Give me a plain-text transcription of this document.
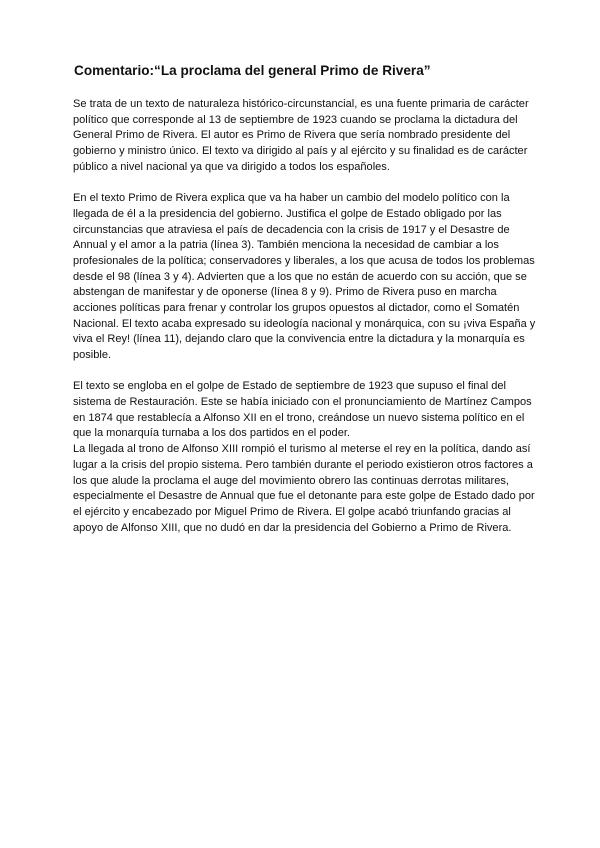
Comentario:“La proclama del general Primo de Rivera”

Se trata de un texto de naturaleza histórico-circunstancial, es una fuente primaria de carácter
político que corresponde al 13 de septiembre de 1923 cuando se proclama la dictadura del
General Primo de Rivera. El autor es Primo de Rivera que sería nombrado presidente del
gobierno y ministro único. El texto va dirigido al país y al ejército y su finalidad es de carácter
público a nivel nacional ya que va dirigido a todos los españoles.

En el texto Primo de Rivera explica que va ha haber un cambio del modelo político con la
llegada de él a la presidencia del gobierno. Justifica el golpe de Estado obligado por las
circunstancias que atraviesa el país de decadencia con la crisis de 1917 y el Desastre de
Annual y el amor a la patria (línea 3). También menciona la necesidad de cambiar a los
profesionales de la política; conservadores y liberales, a los que acusa de todos los problemas
desde el 98 (línea 3 y 4). Advierten que a los que no están de acuerdo con su acción, que se
abstengan de manifestar y de oponerse (línea 8 y 9). Primo de Rivera puso en marcha
acciones políticas para frenar y controlar los grupos opuestos al dictador, como el Somatén
Nacional. El texto acaba expresado su ideología nacional y monárquica, con su ¡viva España y
viva el Rey! (línea 11), dejando claro que la convivencia entre la dictadura y la monarquía es
posible.

El texto se engloba en el golpe de Estado de septiembre de 1923 que supuso el final del
sistema de Restauración. Este se había iniciado con el pronunciamiento de Martínez Campos
en 1874 que restablecía a Alfonso XII en el trono, creándose un nuevo sistema político en el
que la monarquía turnaba a los dos partidos en el poder.

La llegada al trono de Alfonso XIII rompió el turismo al meterse el rey en la política, dando así
lugar a la crisis del propio sistema. Pero también durante el periodo existieron otros factores a
los que alude la proclama el auge del movimiento obrero las continuas derrotas militares,
especialmente el Desastre de Annual que fue el detonante para este golpe de Estado dado por
el ejército y encabezado por Miguel Primo de Rivera. El golpe acabó triunfando gracias al
apoyo de Alfonso XIII, que no dudó en dar la presidencia del Gobierno a Primo de Rivera.
